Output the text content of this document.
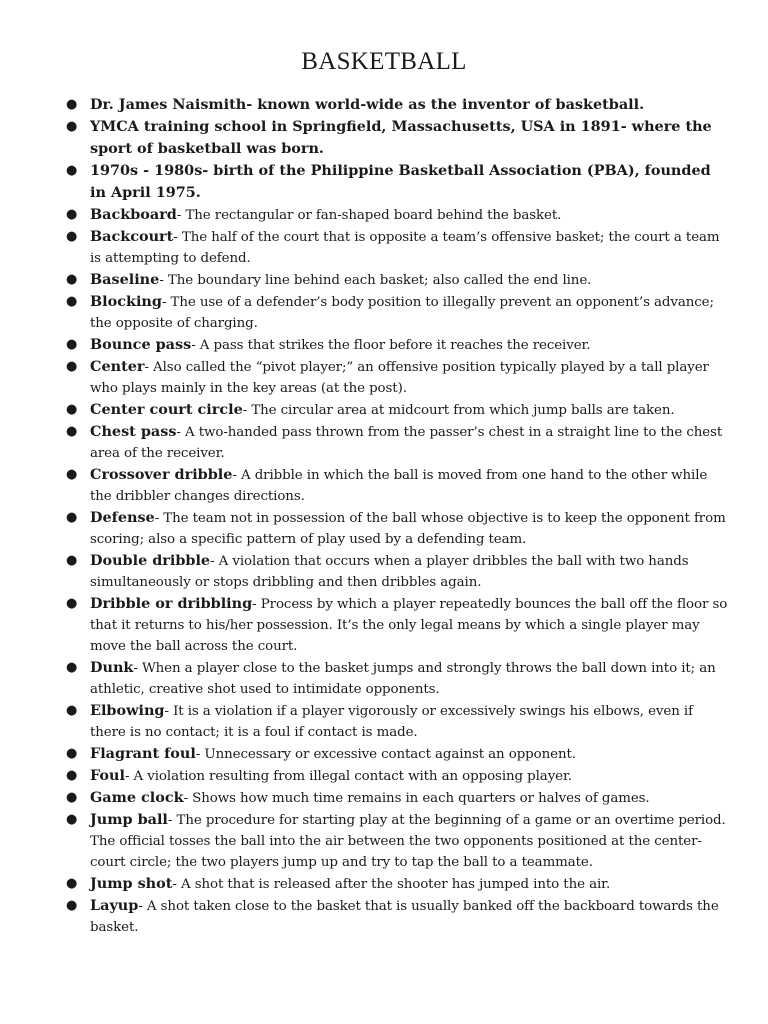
BASKETBALL
● Dr. James Naismith- known world-wide as the inventor of basketball.
● YMCA training school in Springfield, Massachusetts, USA in 1891- where the sport of basketball was born.
● 1970s - 1980s- birth of the Philippine Basketball Association (PBA), founded in April 1975.
● Backboard- The rectangular or fan-shaped board behind the basket.
● Backcourt- The half of the court that is opposite a team’s offensive basket; the court a team is attempting to defend.
● Baseline- The boundary line behind each basket; also called the end line.
● Blocking- The use of a defender’s body position to illegally prevent an opponent’s advance; the opposite of charging.
● Bounce pass- A pass that strikes the floor before it reaches the receiver.
● Center- Also called the “pivot player;” an offensive position typically played by a tall player who plays mainly in the key areas (at the post).
● Center court circle- The circular area at midcourt from which jump balls are taken.
● Chest pass- A two-handed pass thrown from the passer’s chest in a straight line to the chest area of the receiver.
● Crossover dribble- A dribble in which the ball is moved from one hand to the other while the dribbler changes directions.
● Defense- The team not in possession of the ball whose objective is to keep the opponent from scoring; also a specific pattern of play used by a defending team.
● Double dribble- A violation that occurs when a player dribbles the ball with two hands simultaneously or stops dribbling and then dribbles again.
● Dribble or dribbling- Process by which a player repeatedly bounces the ball off the floor so that it returns to his/her possession. It’s the only legal means by which a single player may move the ball across the court.
● Dunk- When a player close to the basket jumps and strongly throws the ball down into it; an athletic, creative shot used to intimidate opponents.
● Elbowing- It is a violation if a player vigorously or excessively swings his elbows, even if there is no contact; it is a foul if contact is made.
● Flagrant foul- Unnecessary or excessive contact against an opponent.
● Foul- A violation resulting from illegal contact with an opposing player.
● Game clock- Shows how much time remains in each quarters or halves of games.
● Jump ball- The procedure for starting play at the beginning of a game or an overtime period. The official tosses the ball into the air between the two opponents positioned at the center-court circle; the two players jump up and try to tap the ball to a teammate.
● Jump shot- A shot that is released after the shooter has jumped into the air.
● Layup- A shot taken close to the basket that is usually banked off the backboard towards the basket.
